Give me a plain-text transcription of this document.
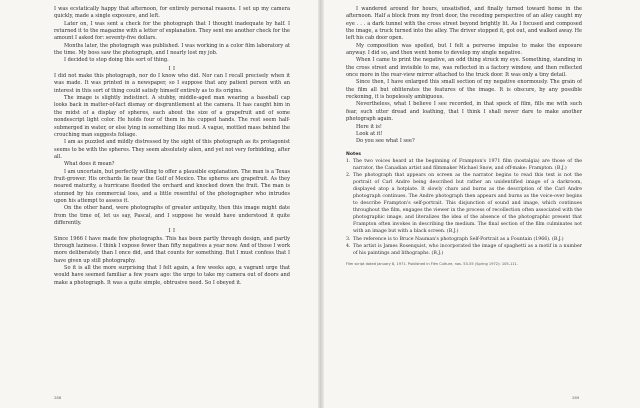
I was ecstatically happy that afternoon, for entirely personal reasons. I set up my camera quickly, made a single exposure, and left.

Later on, I was sent a check for the photograph that I thought inadequate by half. I returned it to the magazine with a letter of explanation. They sent me another check for the amount I asked for: seventy-five dollars.

Months later, the photograph was published. I was working in a color film laboratory at the time. My boss saw the photograph, and I nearly lost my job.

I decided to stop doing this sort of thing.

I I

I did not make this photograph, nor do I know who did. Nor can I recall precisely when it was made. It was printed in a newspaper, so I suppose that any patient person with an interest in this sort of thing could satisfy himself entirely as to its origins.

The image is slightly indistinct. A stubby, middle-aged man wearing a baseball cap looks back in matter-of-fact dismay or disgruntlement at the camera. It has caught him in the midst of a display of spheres, each about the size of a grapefruit and of some nondescript light color. He holds four of them in his cupped hands. The rest seem half-submerged in water, or else lying in something like mud. A vague, mottled mass behind the crouching man suggests foliage.

I am as puzzled and mildly distressed by the sight of this photograph as its protagonist seems to be with the spheres. They seem absolutely alien, and yet not very forbidding, after all.

What does it mean?

I am uncertain, but perfectly willing to offer a plausible explanation. The man is a Texas fruit-grower. His orchards lie near the Gulf of Mexico. The spheres are grapefruit. As they neared maturity, a hurricane flooded the orchard and knocked down the fruit. The man is stunned by his commercial loss, and a little resentful of the photographer who intrudes upon his attempt to assess it.

On the other hand, were photographs of greater antiquity, then this image might date from the time of, let us say, Pascal, and I suppose he would have understood it quite differently.

I I

Since 1966 I have made few photographs. This has been partly through design, and partly through laziness. I think I expose fewer than fifty negatives a year now. And of those I work more deliberately than I once did, and that counts for something. But I must confess that I have given up still photography.

So it is all the more surprising that I felt again, a few weeks ago, a vagrant urge that would have seemed familiar a few years ago: the urge to take my camera out of doors and make a photograph. It was a quite simple, obtrusive need. So I obeyed it.

I wandered around for hours, unsatisfied, and finally turned toward home in the afternoon. Half a block from my front door, the receding perspective of an alley caught my eye . . . a dark tunnel with the cross street beyond brightly lit. As I focused and composed the image, a truck turned into the alley. The driver stopped it, got out, and walked away. He left his cab door open.

My composition was spoiled, but I felt a perverse impulse to make the exposure anyway. I did so, and then went home to develop my single negative.

When I came to print the negative, an odd thing struck my eye. Something, standing in the cross street and invisible to me, was reflected in a factory window, and then reflected once more in the rear-view mirror attached to the truck door. It was only a tiny detail.

Since then, I have enlarged this small section of my negative enormously. The grain of the film all but obliterates the features of the image. It is obscure, by any possible reckoning, it is hopelessly ambiguous.

Nevertheless, what I believe I see recorded, in that speck of film, fills me with such fear, such utter dread and loathing, that I think I shall never dare to make another photograph again.

Here it is!

Look at it!

Do you see what I see?

Notes
1. The two voices heard at the beginning of Frampton's 1971 film (nostalgia) are those of the narrator, the Canadian artist and filmmaker Michael Snow, and off-make: Frampton. (B.J.)
2. The photograph that appears on screen as the narrator begins to read this text is not the portrait of Carl Andre being described but rather an unidentified image of a darkroom, displayed atop a hotplate. It slowly chars and burns as the description of the Carl Andre photograph continues. The Andre photograph then appears and burns as the voice-over begins to describe Frampton's self-portrait. This disjunction of sound and image, which continues throughout the film, engages the viewer in the process of recollection often associated with the photographic image, and literalizes the idea of the absence of the photographic present that Frampton often invokes in describing the medium. The final section of the film culminates not with an image but with a black screen. (B.J.)
3. The reference is to Bruce Nauman's photograph Self-Portrait as a Fountain (1966). (B.J.)
4. The artist is James Rosenquist, who incorporated the image of spaghetti as a motif in a number of his paintings and lithographs. (B.J.)
Film script dated January 8, 1971. Published in Film Culture, nos. 53-55 (Spring 1972): 105-111.
288	289
